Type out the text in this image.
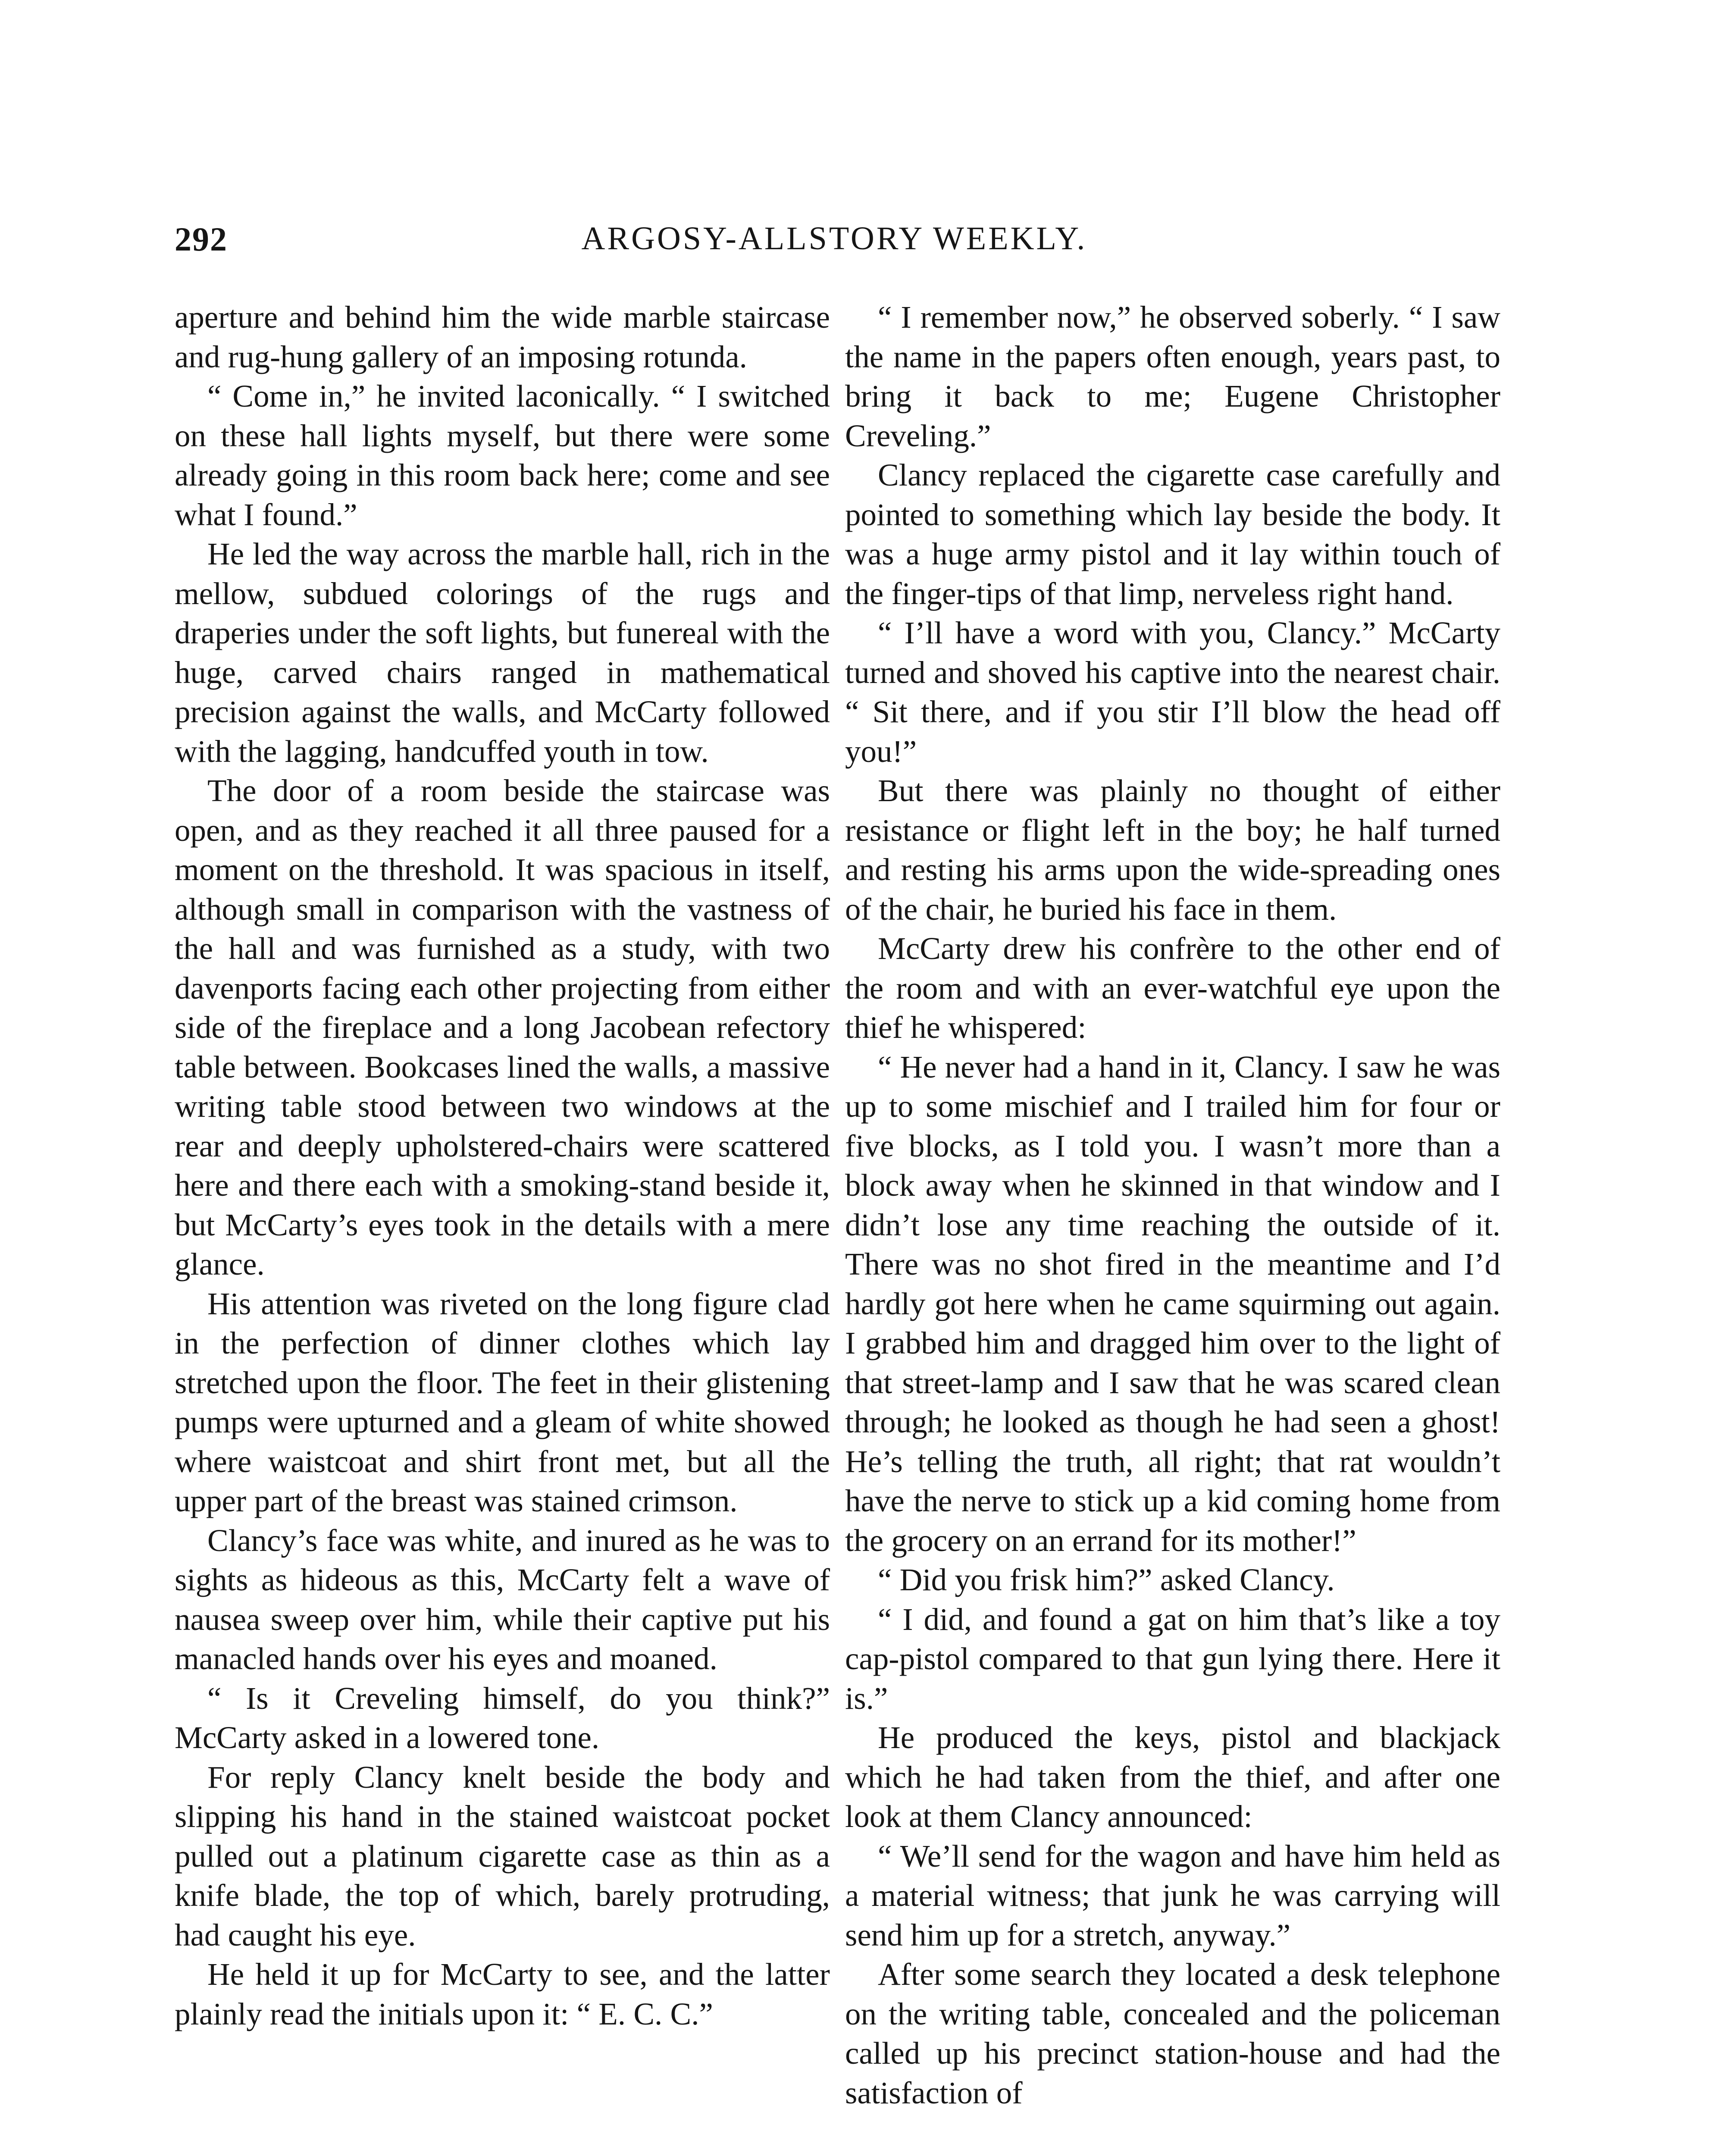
292	ARGOSY-ALLSTORY WEEKLY.

aperture and behind him the wide marble staircase and rug-hung gallery of an imposing rotunda.

“ Come in,” he invited laconically. “ I switched on these hall lights myself, but there were some already going in this room back here; come and see what I found.”

He led the way across the marble hall, rich in the mellow, subdued colorings of the rugs and draperies under the soft lights, but funereal with the huge, carved chairs ranged in mathematical precision against the walls, and McCarty followed with the lagging, handcuffed youth in tow.

The door of a room beside the staircase was open, and as they reached it all three paused for a moment on the threshold. It was spacious in itself, although small in comparison with the vastness of the hall and was furnished as a study, with two davenports facing each other projecting from either side of the fireplace and a long Jacobean refectory table between. Bookcases lined the walls, a massive writing table stood between two windows at the rear and deeply upholstered-chairs were scattered here and there each with a smoking-stand beside it, but McCarty’s eyes took in the details with a mere glance.

His attention was riveted on the long figure clad in the perfection of dinner clothes which lay stretched upon the floor. The feet in their glistening pumps were upturned and a gleam of white showed where waistcoat and shirt front met, but all the upper part of the breast was stained crimson.

Clancy’s face was white, and inured as he was to sights as hideous as this, McCarty felt a wave of nausea sweep over him, while their captive put his manacled hands over his eyes and moaned.

“ Is it Creveling himself, do you think?” McCarty asked in a lowered tone.

For reply Clancy knelt beside the body and slipping his hand in the stained waistcoat pocket pulled out a platinum cigarette case as thin as a knife blade, the top of which, barely protruding, had caught his eye.

He held it up for McCarty to see, and the latter plainly read the initials upon it: “ E. C. C.”

“ I remember now,” he observed soberly. “ I saw the name in the papers often enough, years past, to bring it back to me; Eugene Christopher Creveling.”

Clancy replaced the cigarette case carefully and pointed to something which lay beside the body. It was a huge army pistol and it lay within touch of the finger-tips of that limp, nerveless right hand.

“ I’ll have a word with you, Clancy.” McCarty turned and shoved his captive into the nearest chair. “ Sit there, and if you stir I’ll blow the head off you!”

But there was plainly no thought of either resistance or flight left in the boy; he half turned and resting his arms upon the wide-spreading ones of the chair, he buried his face in them.

McCarty drew his confrère to the other end of the room and with an ever-watchful eye upon the thief he whispered:

“ He never had a hand in it, Clancy. I saw he was up to some mischief and I trailed him for four or five blocks, as I told you. I wasn’t more than a block away when he skinned in that window and I didn’t lose any time reaching the outside of it. There was no shot fired in the meantime and I’d hardly got here when he came squirming out again. I grabbed him and dragged him over to the light of that street-lamp and I saw that he was scared clean through; he looked as though he had seen a ghost! He’s telling the truth, all right; that rat wouldn’t have the nerve to stick up a kid coming home from the grocery on an errand for its mother!”

“ Did you frisk him?” asked Clancy.

“ I did, and found a gat on him that’s like a toy cap-pistol compared to that gun lying there. Here it is.”

He produced the keys, pistol and blackjack which he had taken from the thief, and after one look at them Clancy announced:

“ We’ll send for the wagon and have him held as a material witness; that junk he was carrying will send him up for a stretch, anyway.”

After some search they located a desk telephone on the writing table, concealed and the policeman called up his precinct station-house and had the satisfaction of
